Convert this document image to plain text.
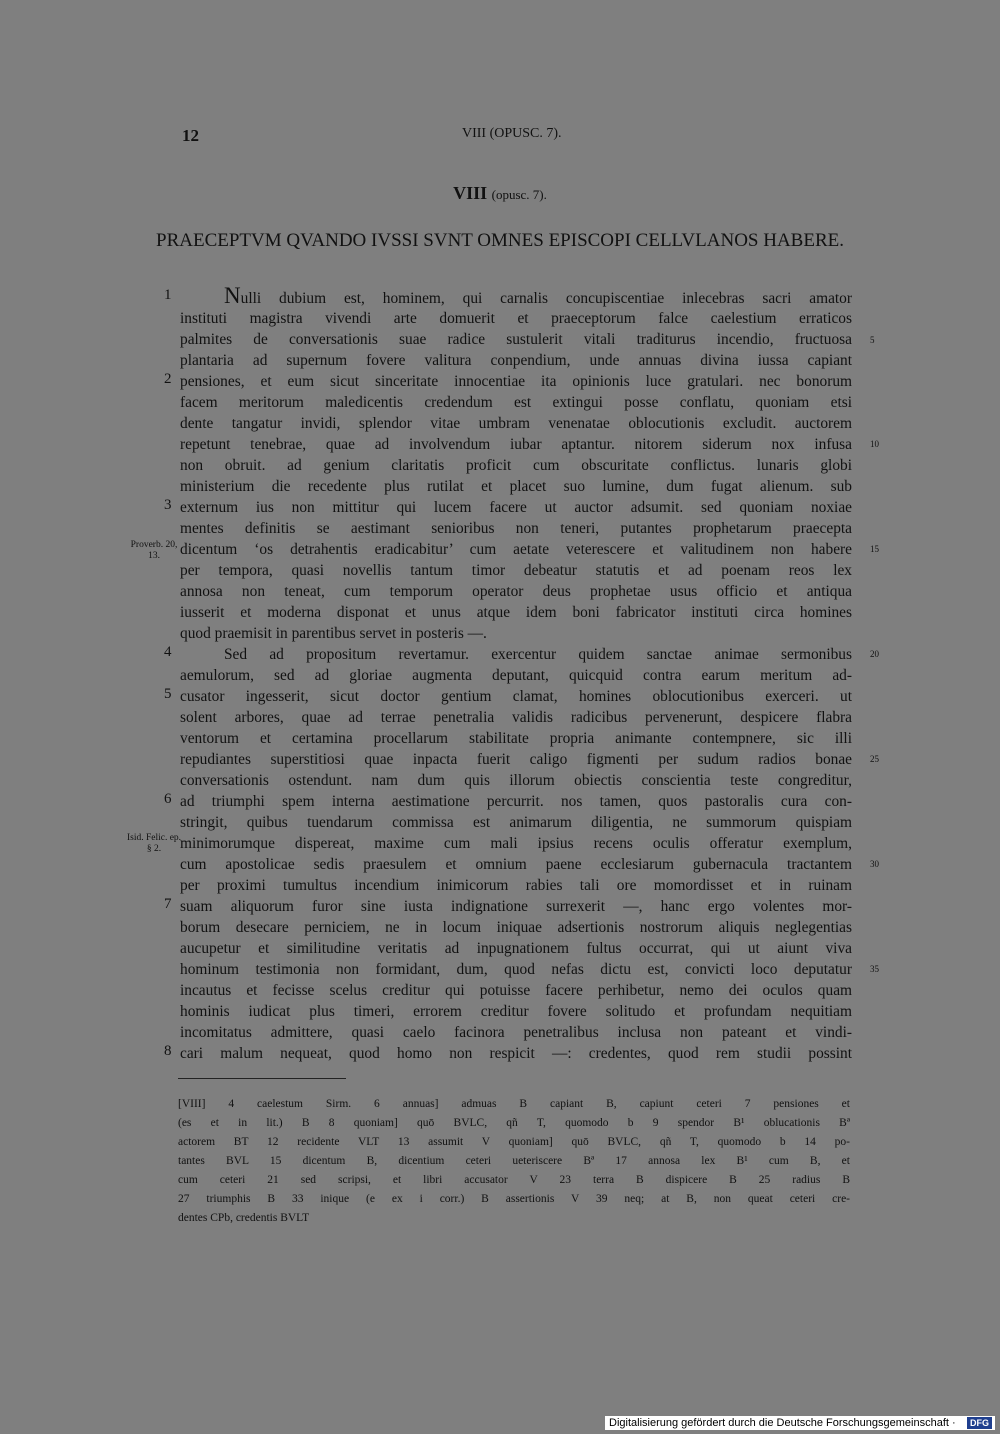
12	VIII (OPUSC. 7).
VIII (opusc. 7).
PRAECEPTVM QVANDO IVSSI SVNT OMNES EPISCOPI CELLVLANOS HABERE.
1
2
3
4
5
6
7
8
5
10
15
20
25
30
35
Proverb. 20, 13.
Isid. Felic. ep. § 2.
Nulli dubium est, hominem, qui carnalis concupiscentiae inlecebras sacri amator
instituti magistra vivendi arte domuerit et praeceptorum falce caelestium erraticos
palmites de conversationis suae radice sustulerit vitali traditurus incendio, fructuosa
plantaria ad supernum fovere valitura conpendium, unde annuas divina iussa capiant
pensiones, et eum sicut sinceritate innocentiae ita opinionis luce gratulari. nec bonorum
facem meritorum maledicentis credendum est extingui posse conflatu, quoniam etsi
dente tangatur invidi, splendor vitae umbram venenatae oblocutionis excludit. auctorem
repetunt tenebrae, quae ad involvendum iubar aptantur. nitorem siderum nox infusa
non obruit. ad genium claritatis proficit cum obscuritate conflictus. lunaris globi
ministerium die recedente plus rutilat et placet suo lumine, dum fugat alienum. sub
externum ius non mittitur qui lucem facere ut auctor adsumit. sed quoniam noxiae
mentes definitis se aestimant senioribus non teneri, putantes prophetarum praecepta
dicentum ‘os detrahentis eradicabitur’ cum aetate veterescere et valitudinem non habere
per tempora, quasi novellis tantum timor debeatur statutis et ad poenam reos lex
annosa non teneat, cum temporum operator deus prophetae usus officio et antiqua
iusserit et moderna disponat et unus atque idem boni fabricator instituti circa homines
quod praemisit in parentibus servet in posteris —.
Sed ad propositum revertamur. exercentur quidem sanctae animae sermonibus
aemulorum, sed ad gloriae augmenta deputant, quicquid contra earum meritum ad-
cusator ingesserit, sicut doctor gentium clamat, homines oblocutionibus exerceri. ut
solent arbores, quae ad terrae penetralia validis radicibus pervenerunt, despicere flabra
ventorum et certamina procellarum stabilitate propria animante contempnere, sic illi
repudiantes superstitiosi quae inpacta fuerit caligo figmenti per sudum radios bonae
conversationis ostendunt. nam dum quis illorum obiectis conscientia teste congreditur,
ad triumphi spem interna aestimatione percurrit. nos tamen, quos pastoralis cura con-
stringit, quibus tuendarum commissa est animarum diligentia, ne summorum quispiam
minimorumque dispereat, maxime cum mali ipsius recens oculis offeratur exemplum,
cum apostolicae sedis praesulem et omnium paene ecclesiarum gubernacula tractantem
per proximi tumultus incendium inimicorum rabies tali ore momordisset et in ruinam
suam aliquorum furor sine iusta indignatione surrexerit —, hanc ergo volentes mor-
borum desecare perniciem, ne in locum iniquae adsertionis nostrorum aliquis neglegentias
aucupetur et similitudine veritatis ad inpugnationem fultus occurrat, qui ut aiunt viva
hominum testimonia non formidant, dum, quod nefas dictu est, convicti loco deputatur
incautus et fecisse scelus creditur qui potuisse facere perhibetur, nemo dei oculos quam
hominis iudicat plus timeri, errorem creditur fovere solitudo et profundam nequitiam
incomitatus admittere, quasi caelo facinora penetralibus inclusa non pateant et vindi-
cari malum nequeat, quod homo non respicit —: credentes, quod rem studii possint
[VIII] 4 caelestum Sirm. 6 annuas] admuas B capiant B, capiunt ceteri 7 pensiones et
(es et in lit.) B 8 quoniam] quō BVLC, qñ T, quomodo b 9 spendor B¹ oblucationis Bª
actorem BT 12 recidente VLT 13 assumit V quoniam] quō BVLC, qñ T, quomodo b 14 po-
tantes BVL 15 dicentum B, dicentium ceteri ueteriscere Bª 17 annosa lex B¹ cum B, et
cum ceteri 21 sed scripsi, et libri accusator V 23 terra B dispicere B 25 radius B
27 triumphis B 33 inique (e ex i corr.) B assertionis V 39 neq; at B, non queat ceteri cre-
dentes CPb, credentis BVLT
Digitalisierung gefördert durch die Deutsche Forschungsgemeinschaft ·	DFG
